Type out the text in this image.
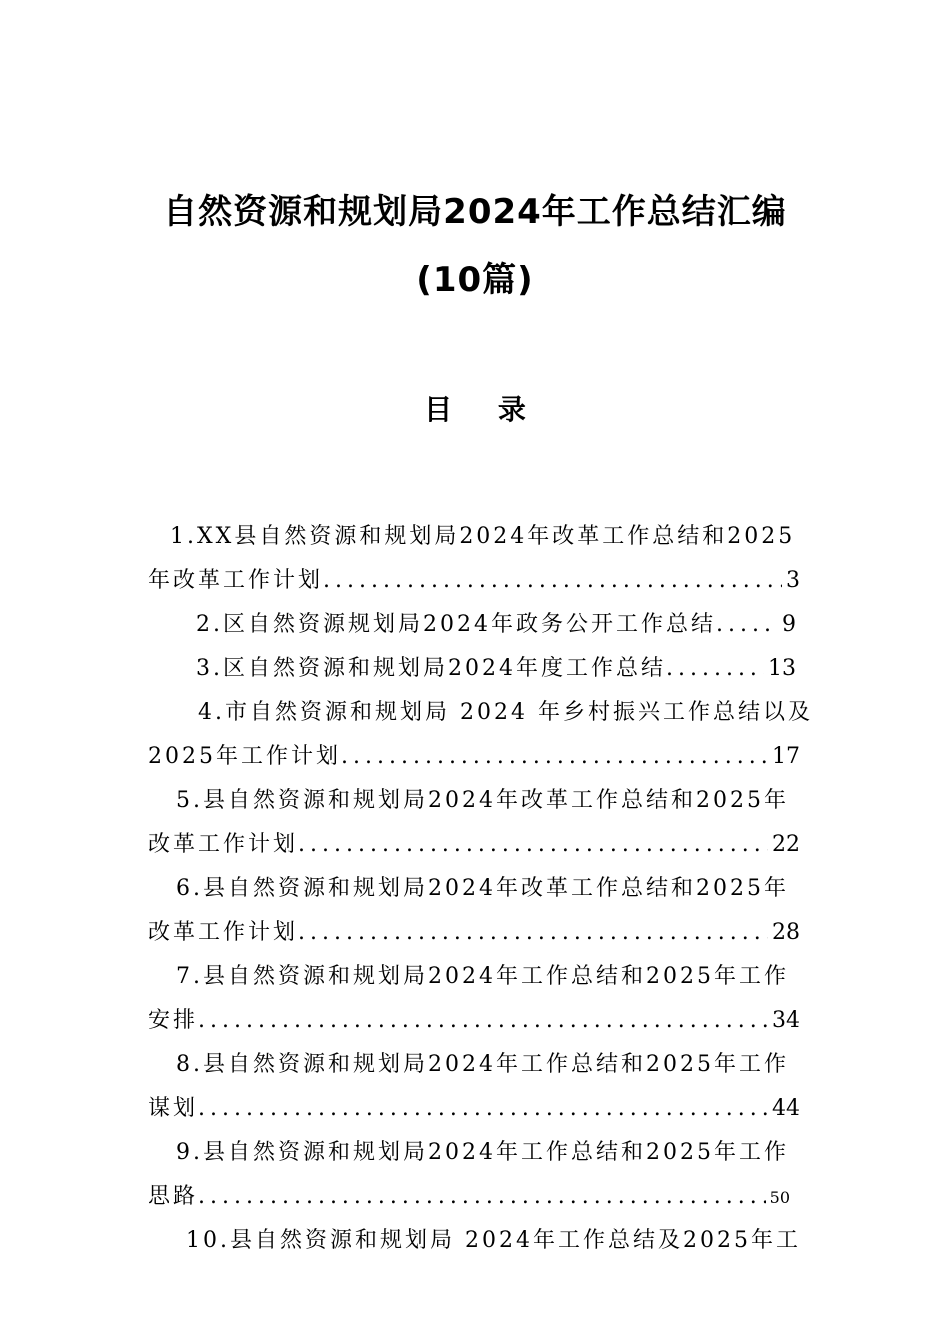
自然资源和规划局2024年工作总结汇编
(10篇)
目 录
1.XX县自然资源和规划局2024年改革工作总结和2025
年改革工作计划 .....	3
2.区自然资源规划局2024年政务公开工作总结 .....	9
3.区自然资源和规划局2024年度工作总结 .....	13
4.市自然资源和规划局 2024 年乡村振兴工作总结以及
2025年工作计划 .....	17
5.县自然资源和规划局2024年改革工作总结和2025年
改革工作计划 .....	22
6.县自然资源和规划局2024年改革工作总结和2025年
改革工作计划 .....	28
7.县自然资源和规划局2024年工作总结和2025年工作
安排 .....	34
8.县自然资源和规划局2024年工作总结和2025年工作
谋划 .....	44
9.县自然资源和规划局2024年工作总结和2025年工作
思路 .....	50
10.县自然资源和规划局 2024年工作总结及2025年工
